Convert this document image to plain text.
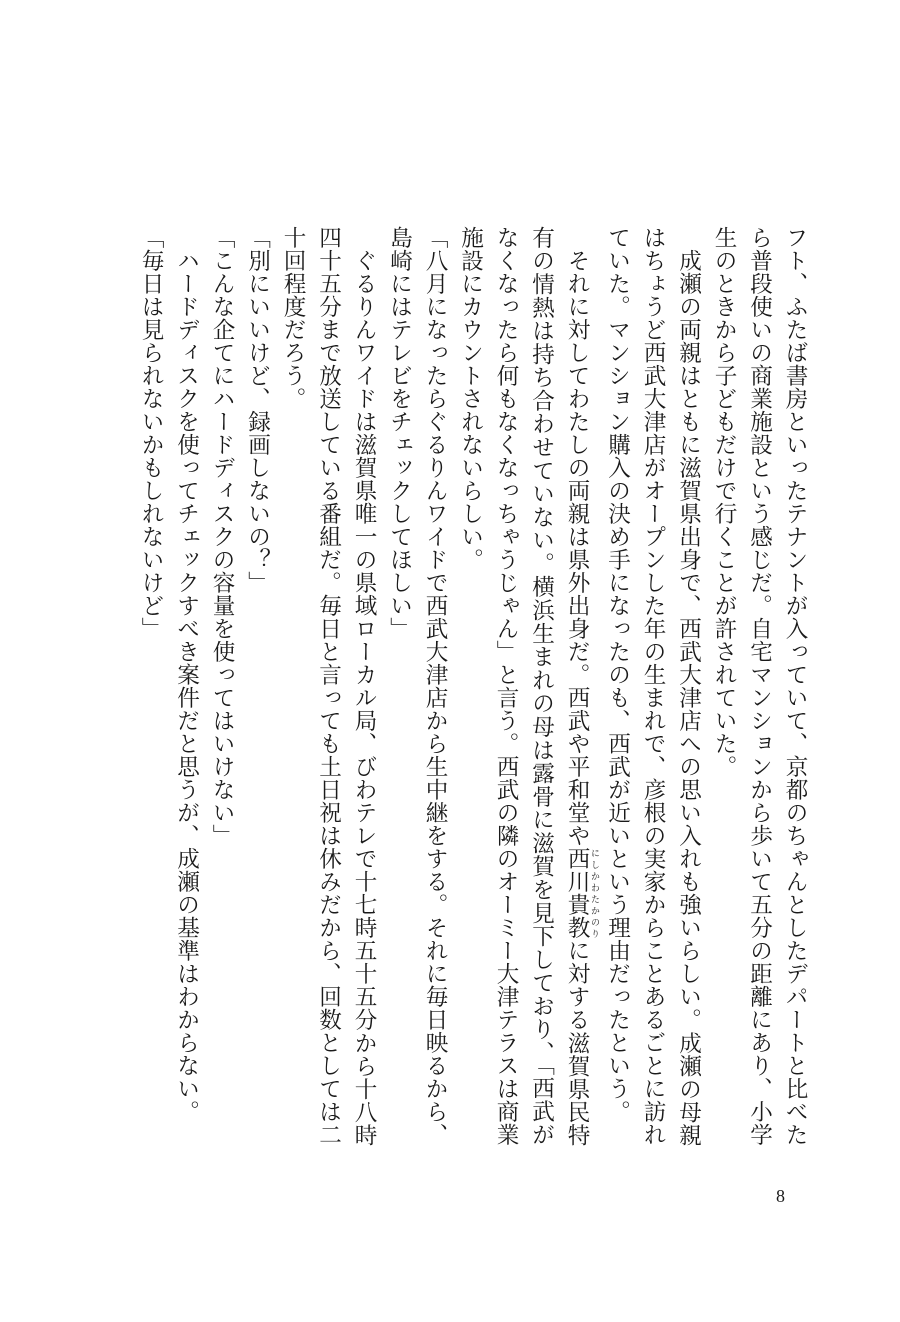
フト、ふたば書房といったテナントが入っていて、京都のちゃんとしたデパートと比べたら普段使いの商業施設という感じだ。自宅マンションから歩いて五分の距離にあり、小学生のときから子どもだけで行くことが許されていた。

成瀬の両親はともに滋賀県出身で、西武大津店への思い入れも強いらしい。成瀬の母親はちょうど西武大津店がオープンした年の生まれで、彦根の実家からことあるごとに訪れていた。マンション購入の決め手になったのも、西武が近いという理由だったという。

それに対してわたしの両親は県外出身だ。西武や平和堂や西川貴教 にしかわたかのりに対する滋賀県民特有の情熱は持ち合わせていない。横浜生まれの母は露骨に滋賀を見下しており、「西武がなくなったら何もなくなっちゃうじゃん」と言う。西武の隣のオーミー大津テラスは商業施設にカウントされないらしい。

「八月になったらぐるりんワイドで西武大津店から生中継をする。それに毎日映るから、島崎にはテレビをチェックしてほしい」

ぐるりんワイドは滋賀県唯一の県域ローカル局、びわテレで十七時五十五分から十八時四十五分まで放送している番組だ。毎日と言っても土日祝は休みだから、回数としては二十回程度だろう。

「別にいいけど、録画しないの？」

「こんな企てにハードディスクの容量を使ってはいけない」

ハードディスクを使ってチェックすべき案件だと思うが、成瀬の基準はわからない。

「毎日は見られないかもしれないけど」

8
